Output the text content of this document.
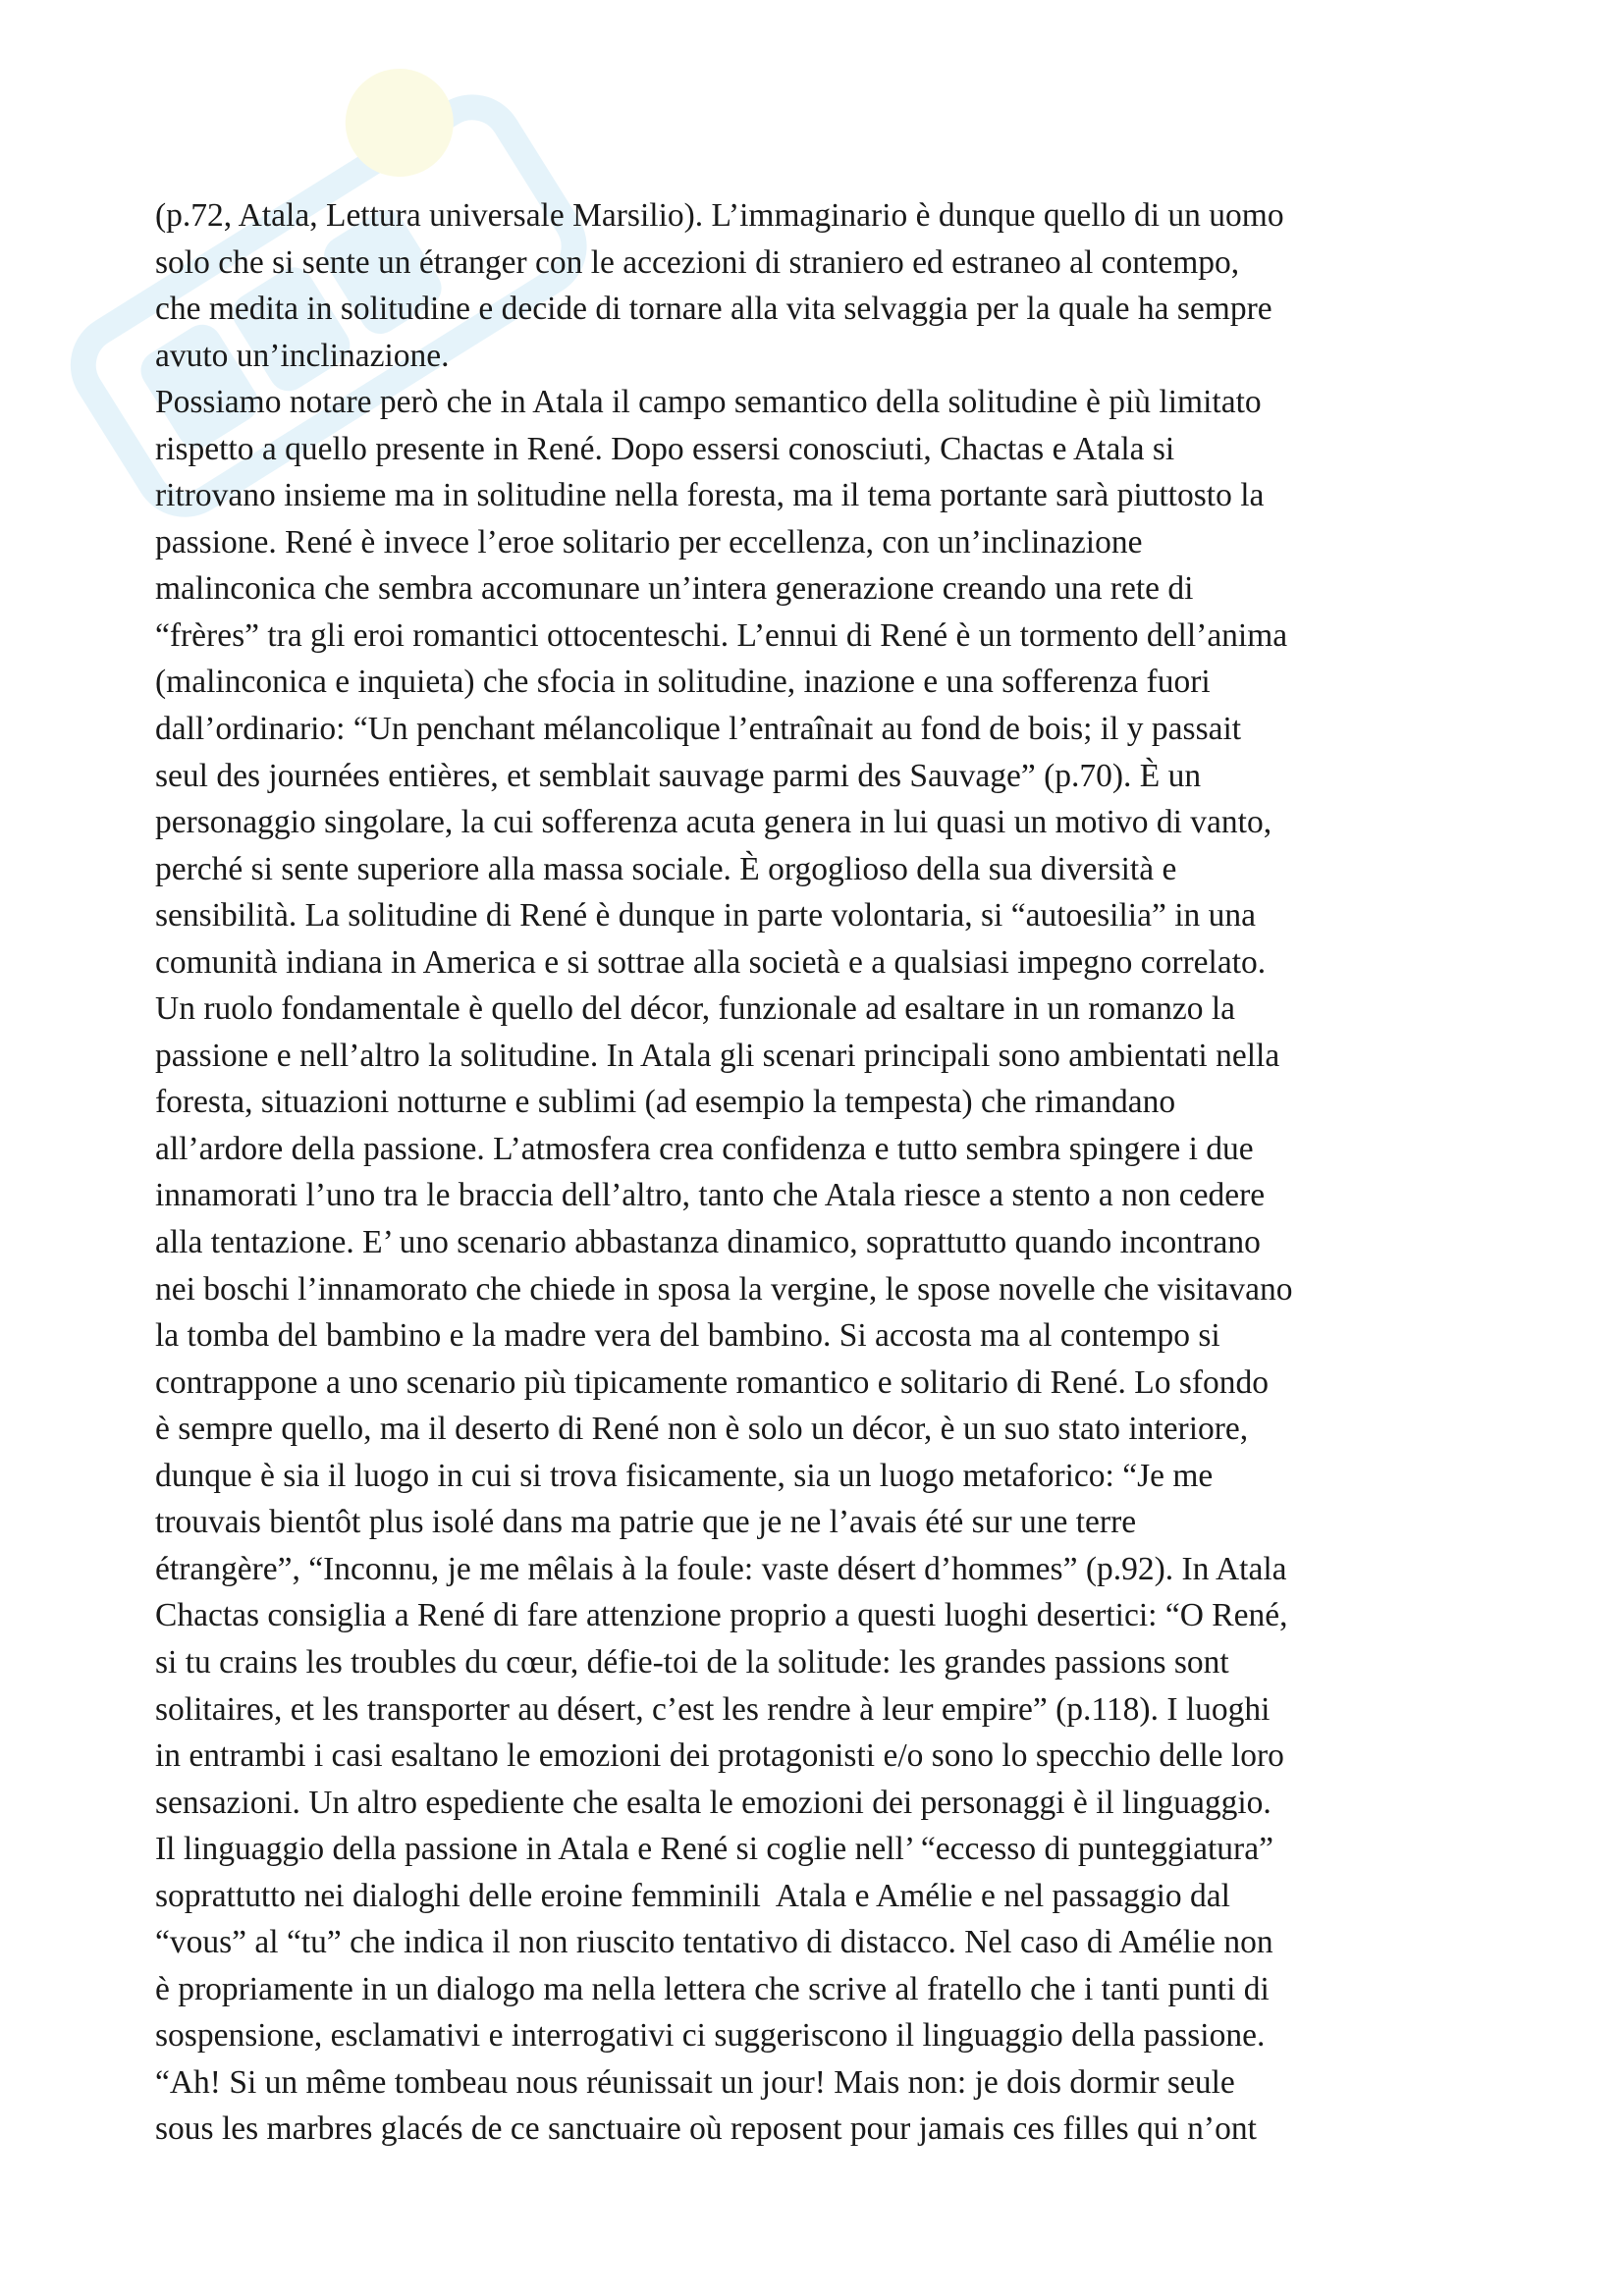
(p.72, Atala, Lettura universale Marsilio). L’immaginario è dunque quello di un uomo
solo che si sente un étranger con le accezioni di straniero ed estraneo al contempo,
che medita in solitudine e decide di tornare alla vita selvaggia per la quale ha sempre
avuto un’inclinazione.
Possiamo notare però che in Atala il campo semantico della solitudine è più limitato
rispetto a quello presente in René. Dopo essersi conosciuti, Chactas e Atala si
ritrovano insieme ma in solitudine nella foresta, ma il tema portante sarà piuttosto la
passione. René è invece l’eroe solitario per eccellenza, con un’inclinazione
malinconica che sembra accomunare un’intera generazione creando una rete di
“frères” tra gli eroi romantici ottocenteschi. L’ennui di René è un tormento dell’anima
(malinconica e inquieta) che sfocia in solitudine, inazione e una sofferenza fuori
dall’ordinario: “Un penchant mélancolique l’entraînait au fond de bois; il y passait
seul des journées entières, et semblait sauvage parmi des Sauvage” (p.70). È un
personaggio singolare, la cui sofferenza acuta genera in lui quasi un motivo di vanto,
perché si sente superiore alla massa sociale. È orgoglioso della sua diversità e
sensibilità. La solitudine di René è dunque in parte volontaria, si “autoesilia” in una
comunità indiana in America e si sottrae alla società e a qualsiasi impegno correlato.
Un ruolo fondamentale è quello del décor, funzionale ad esaltare in un romanzo la
passione e nell’altro la solitudine. In Atala gli scenari principali sono ambientati nella
foresta, situazioni notturne e sublimi (ad esempio la tempesta) che rimandano
all’ardore della passione. L’atmosfera crea confidenza e tutto sembra spingere i due
innamorati l’uno tra le braccia dell’altro, tanto che Atala riesce a stento a non cedere
alla tentazione. E’ uno scenario abbastanza dinamico, soprattutto quando incontrano
nei boschi l’innamorato che chiede in sposa la vergine, le spose novelle che visitavano
la tomba del bambino e la madre vera del bambino. Si accosta ma al contempo si
contrappone a uno scenario più tipicamente romantico e solitario di René. Lo sfondo
è sempre quello, ma il deserto di René non è solo un décor, è un suo stato interiore,
dunque è sia il luogo in cui si trova fisicamente, sia un luogo metaforico: “Je me
trouvais bientôt plus isolé dans ma patrie que je ne l’avais été sur une terre
étrangère”, “Inconnu, je me mêlais à la foule: vaste désert d’hommes” (p.92). In Atala
Chactas consiglia a René di fare attenzione proprio a questi luoghi desertici: “O René,
si tu crains les troubles du cœur, défie-toi de la solitude: les grandes passions sont
solitaires, et les transporter au désert, c’est les rendre à leur empire” (p.118). I luoghi
in entrambi i casi esaltano le emozioni dei protagonisti e/o sono lo specchio delle loro
sensazioni. Un altro espediente che esalta le emozioni dei personaggi è il linguaggio.
Il linguaggio della passione in Atala e René si coglie nell’ “eccesso di punteggiatura”
soprattutto nei dialoghi delle eroine femminili  Atala e Amélie e nel passaggio dal
“vous” al “tu” che indica il non riuscito tentativo di distacco. Nel caso di Amélie non
è propriamente in un dialogo ma nella lettera che scrive al fratello che i tanti punti di
sospensione, esclamativi e interrogativi ci suggeriscono il linguaggio della passione.
“Ah! Si un même tombeau nous réunissait un jour! Mais non: je dois dormir seule
sous les marbres glacés de ce sanctuaire où reposent pour jamais ces filles qui n’ont
